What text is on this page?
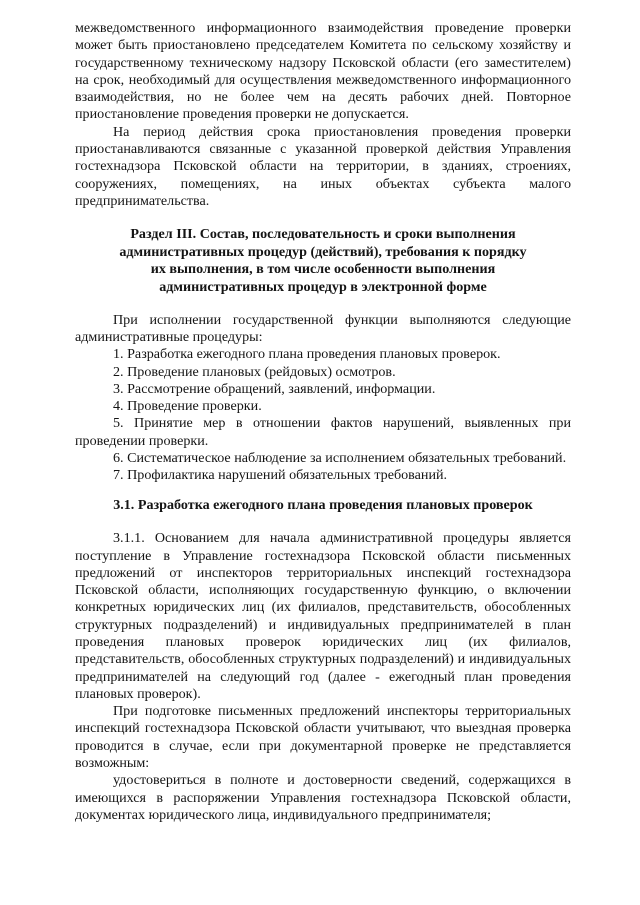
межведомственного информационного взаимодействия проведение проверки может быть приостановлено председателем Комитета по сельскому хозяйству и государственному техническому надзору Псковской области (его заместителем) на срок, необходимый для осуществления межведомственного информационного взаимодействия, но не более чем на десять рабочих дней. Повторное приостановление проведения проверки не допускается.

На период действия срока приостановления проведения проверки приостанавливаются связанные с указанной проверкой действия Управления гостехнадзора Псковской области на территории, в зданиях, строениях, сооружениях, помещениях, на иных объектах субъекта малого предпринимательства.

Раздел III. Состав, последовательность и сроки выполнения

административных процедур (действий), требования к порядку

их выполнения, в том числе особенности выполнения

административных процедур в электронной форме

При исполнении государственной функции выполняются следующие административные процедуры:

1. Разработка ежегодного плана проведения плановых проверок.

2. Проведение плановых (рейдовых) осмотров.

3. Рассмотрение обращений, заявлений, информации.

4. Проведение проверки.

5. Принятие мер в отношении фактов нарушений, выявленных при проведении проверки.

6. Систематическое наблюдение за исполнением обязательных требований.

7. Профилактика нарушений обязательных требований.

3.1. Разработка ежегодного плана проведения плановых проверок

3.1.1. Основанием для начала административной процедуры является поступление в Управление гостехнадзора Псковской области письменных предложений от инспекторов территориальных инспекций гостехнадзора Псковской области, исполняющих государственную функцию, о включении конкретных юридических лиц (их филиалов, представительств, обособленных структурных подразделений) и индивидуальных предпринимателей в план проведения плановых проверок юридических лиц (их филиалов, представительств, обособленных структурных подразделений) и индивидуальных предпринимателей на следующий год (далее - ежегодный план проведения плановых проверок).

При подготовке письменных предложений инспекторы территориальных инспекций гостехнадзора Псковской области учитывают, что выездная проверка проводится в случае, если при документарной проверке не представляется возможным:

удостовериться в полноте и достоверности сведений, содержащихся в имеющихся в распоряжении Управления гостехнадзора Псковской области, документах юридического лица, индивидуального предпринимателя;
